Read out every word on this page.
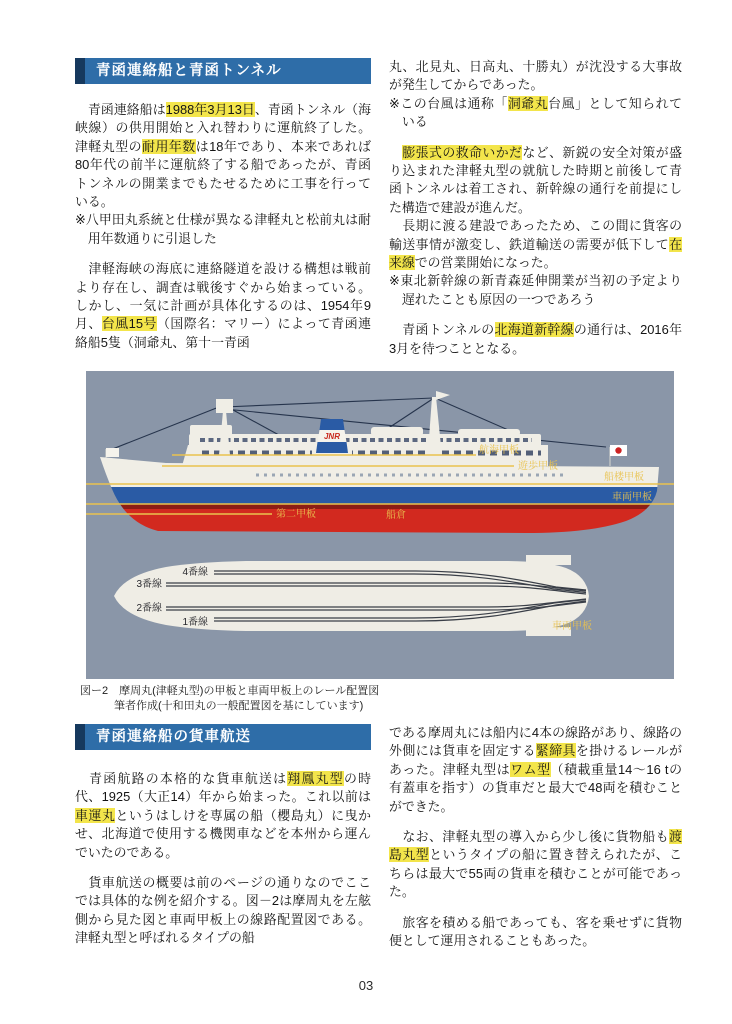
青函連絡船と青函トンネル
　青函連絡船は1988年3月13日、青函トンネル（海峡線）の供用開始と入れ替わりに運航終了した。津軽丸型の耐用年数は18年であり、本来であれば80年代の前半に運航終了する船であったが、青函トンネルの開業までもたせるために工事を行っている。
※八甲田丸系統と仕様が異なる津軽丸と松前丸は耐用年数通りに引退した
　津軽海峡の海底に連絡隧道を設ける構想は戦前より存在し、調査は戦後すぐから始まっている。しかし、一気に計画が具体化するのは、1954年9月、台風15号（国際名：マリー）によって青函連絡船5隻（洞爺丸、第十一青函
丸、北見丸、日高丸、十勝丸）が沈没する大事故が発生してからであった。
※この台風は通称「洞爺丸台風」として知られている
　膨張式の救命いかだなど、新鋭の安全対策が盛り込まれた津軽丸型の就航した時期と前後して青函トンネルは着工され、新幹線の通行を前提にした構造で建設が進んだ。
　長期に渡る建設であったため、この間に貨客の輸送事情が激変し、鉄道輸送の需要が低下して在来線での営業開始になった。
※東北新幹線の新青森延伸開業が当初の予定より遅れたことも原因の一つであろう
　青函トンネルの北海道新幹線の通行は、2016年3月を待つこととなる。
JNR
航海甲板
遊歩甲板
船楼甲板
車両甲板
第二甲板	船倉
4番線
3番線
2番線
1番線	車両甲板
図ー2　摩周丸(津軽丸型)の甲板と車両甲板上のレール配置図
筆者作成(十和田丸の一般配置図を基にしています)
青函連絡船の貨車航送
　青函航路の本格的な貨車航送は翔鳳丸型の時代、1925（大正14）年から始まった。これ以前は車運丸というはしけを専属の船（櫻島丸）に曳かせ、北海道で使用する機関車などを本州から運んでいたのである。
　貨車航送の概要は前のページの通りなのでここでは具体的な例を紹介する。図－2は摩周丸を左舷側から見た図と車両甲板上の線路配置図である。津軽丸型と呼ばれるタイプの船
である摩周丸には船内に4本の線路があり、線路の外側には貨車を固定する緊締具を掛けるレールがあった。津軽丸型はワム型（積載重量14～16 tの有蓋車を指す）の貨車だと最大で48両を積むことができた。
　なお、津軽丸型の導入から少し後に貨物船も渡島丸型というタイプの船に置き替えられたが、こちらは最大で55両の貨車を積むことが可能であった。
　旅客を積める船であっても、客を乗せずに貨物便として運用されることもあった。
03
